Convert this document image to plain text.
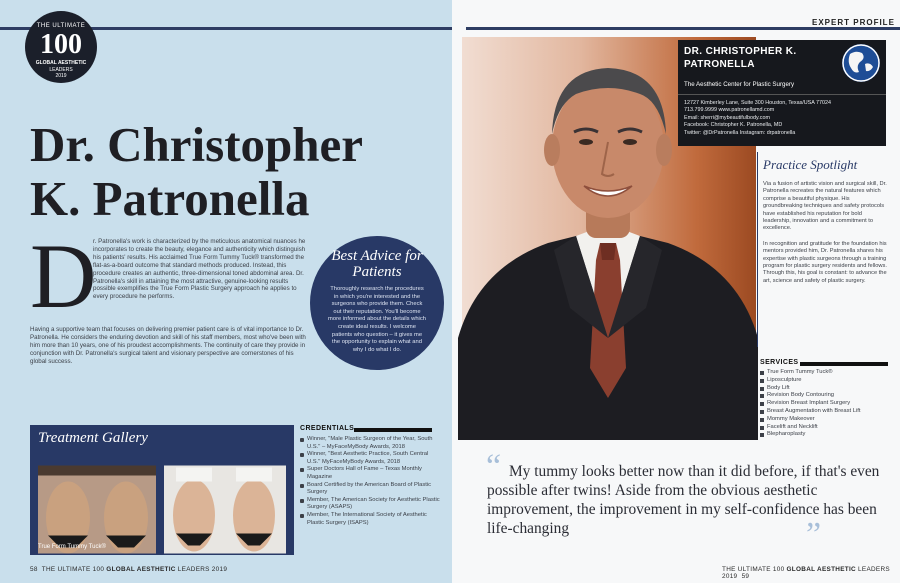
THE ULTIMATE
100
GLOBAL AESTHETIC
LEADERS
2019
Dr. Christopher
K. Patronella
D
r. Patronella's work is characterized by the meticulous anatomical nuances he incorporates to create the beauty, elegance and authenticity which distinguish his patients' results. His acclaimed True Form Tummy Tuck® transformed the flat-as-a-board outcome that standard methods produced. Instead, this procedure creates an authentic, three-dimensional toned abdominal area. Dr. Patronella's skill in attaining the most attractive, genuine-looking results possible exemplifies the True Form Plastic Surgery approach he applies to every procedure he performs.
Having a supportive team that focuses on delivering premier patient care is of vital importance to Dr. Patronella. He considers the enduring devotion and skill of his staff members, most who've been with him more than 10 years, one of his proudest accomplishments. The continuity of care they provide in conjunction with Dr. Patronella's surgical talent and visionary perspective are cornerstones of his global success.
Best Advice for Patients
Thoroughly research the procedures in which you're interested and the surgeons who provide them. Check out their reputation. You'll become more informed about the details which create ideal results. I welcome patients who question – it gives me the opportunity to explain what and why I do what I do.
Treatment Gallery
True Form Tummy Tuck®
CREDENTIALS
Winner, "Male Plastic Surgeon of the Year, South U.S." – MyFaceMyBody Awards, 2018
Winner, "Best Aesthetic Practice, South Central U.S." MyFaceMyBody Awards, 2018
Super Doctors Hall of Fame – Texas Monthly Magazine
Board Certified by the American Board of Plastic Surgery
Member, The American Society for Aesthetic Plastic Surgery (ASAPS)
Member, The International Society of Aesthetic Plastic Surgery (ISAPS)
58 THE ULTIMATE 100 GLOBAL AESTHETIC LEADERS 2019
EXPERT PROFILE
DR. CHRISTOPHER K. PATRONELLA
The Aesthetic Center for Plastic Surgery
12727 Kimberley Lane, Suite 300 Houston, Texas/USA 77024
713.799.9999 www.patronellamd.com
Email: sherri@mybeautifulbody.com
Facebook: Christopher K. Patronella, MD
Twitter: @DrPatronella Instagram: drpatronella
Practice Spotlight
Via a fusion of artistic vision and surgical skill, Dr. Patronella recreates the natural features which comprise a beautiful physique. His groundbreaking techniques and safety protocols have established his reputation for bold leadership, innovation and a commitment to excellence.
In recognition and gratitude for the foundation his mentors provided him, Dr. Patronella shares his expertise with plastic surgeons through a training program for plastic surgery residents and fellows. Through this, his goal is constant: to advance the art, science and safety of plastic surgery.
SERVICES
True Form Tummy Tuck®
Liposculpture
Body Lift
Revision Body Contouring
Revision Breast Implant Surgery
Breast Augmentation with Breast Lift
Mommy Makeover
Facelift and Necklift
Blepharoplasty
“ My tummy looks better now than it did before, if that's even possible after twins! Aside from the obvious aesthetic improvement, the improvement in my self-confidence has been life-changing	”
THE ULTIMATE 100 GLOBAL AESTHETIC LEADERS 2019 59
